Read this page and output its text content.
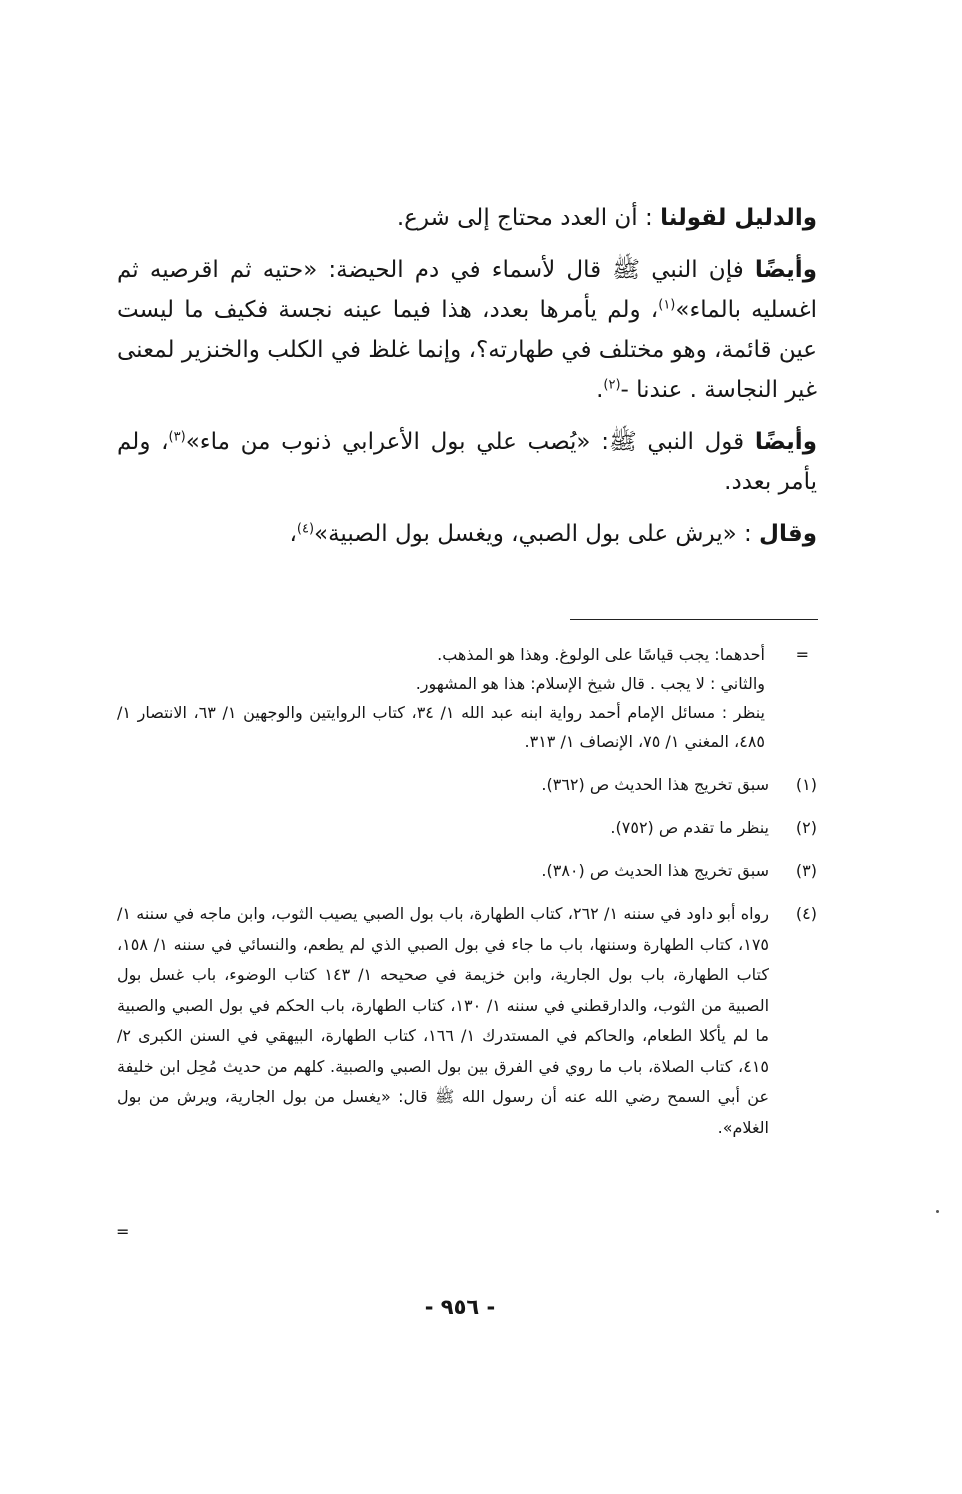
والدليل لقولنا : أن العدد محتاج إلى شرع.

وأيضًا فإن النبي ﷺ قال لأسماء في دم الحيضة: «حتيه ثم اقرصيه ثم اغسليه بالماء»$^{(١)}$، ولم يأمرها بعدد، هذا فيما عينه نجسة فكيف ما ليست عين قائمة، وهو مختلف في طهارته؟، وإنما غلظ في الكلب والخنزير لمعنى غير النجاسة . عندنا -$^{(٢)}$.

وأيضًا قول النبي ﷺ: «يُصب علي بول الأعرابي ذنوب من ماء»$^{(٣)}$، ولم يأمر بعدد.

وقال : «يرش على بول الصبي، ويغسل بول الصبية»$^{(٤)}$،

=
أحدهما: يجب قياسًا على الولوغ. وهذا هو المذهب.
والثاني : لا يجب . قال شيخ الإسلام: هذا هو المشهور.
ينظر : مسائل الإمام أحمد رواية ابنه عبد الله ١/ ٣٤، كتاب الروايتين والوجهين ١/ ٦٣، الانتصار ١/ ٤٨٥، المغني ١/ ٧٥، الإنصاف ١/ ٣١٣.
(١)
سبق تخريج هذا الحديث ص (٣٦٢).
(٢)
ينظر ما تقدم ص (٧٥٢).
(٣)
سبق تخريج هذا الحديث ص (٣٨٠).
(٤)
رواه أبو داود في سننه ١/ ٢٦٢، كتاب الطهارة، باب بول الصبي يصيب الثوب، وابن ماجه في سننه ١/ ١٧٥، كتاب الطهارة وسننها، باب ما جاء في بول الصبي الذي لم يطعم، والنسائي في سننه ١/ ١٥٨، كتاب الطهارة، باب بول الجارية، وابن خزيمة في صحيحه ١/ ١٤٣ كتاب الوضوء، باب غسل بول الصبية من الثوب، والدارقطني في سننه ١/ ١٣٠، كتاب الطهارة، باب الحكم في بول الصبي والصبية ما لم يأكلا الطعام، والحاكم في المستدرك ١/ ١٦٦، كتاب الطهارة، البيهقي في السنن الكبرى ٢/ ٤١٥، كتاب الصلاة، باب ما روي في الفرق بين بول الصبي والصبية. كلهم من حديث مُحِل ابن خليفة عن أبي السمح رضي الله عنه أن رسول الله ﷺ قال: «يغسل من بول الجارية، ويرش من بول الغلام».
=
- ٩٥٦ -
